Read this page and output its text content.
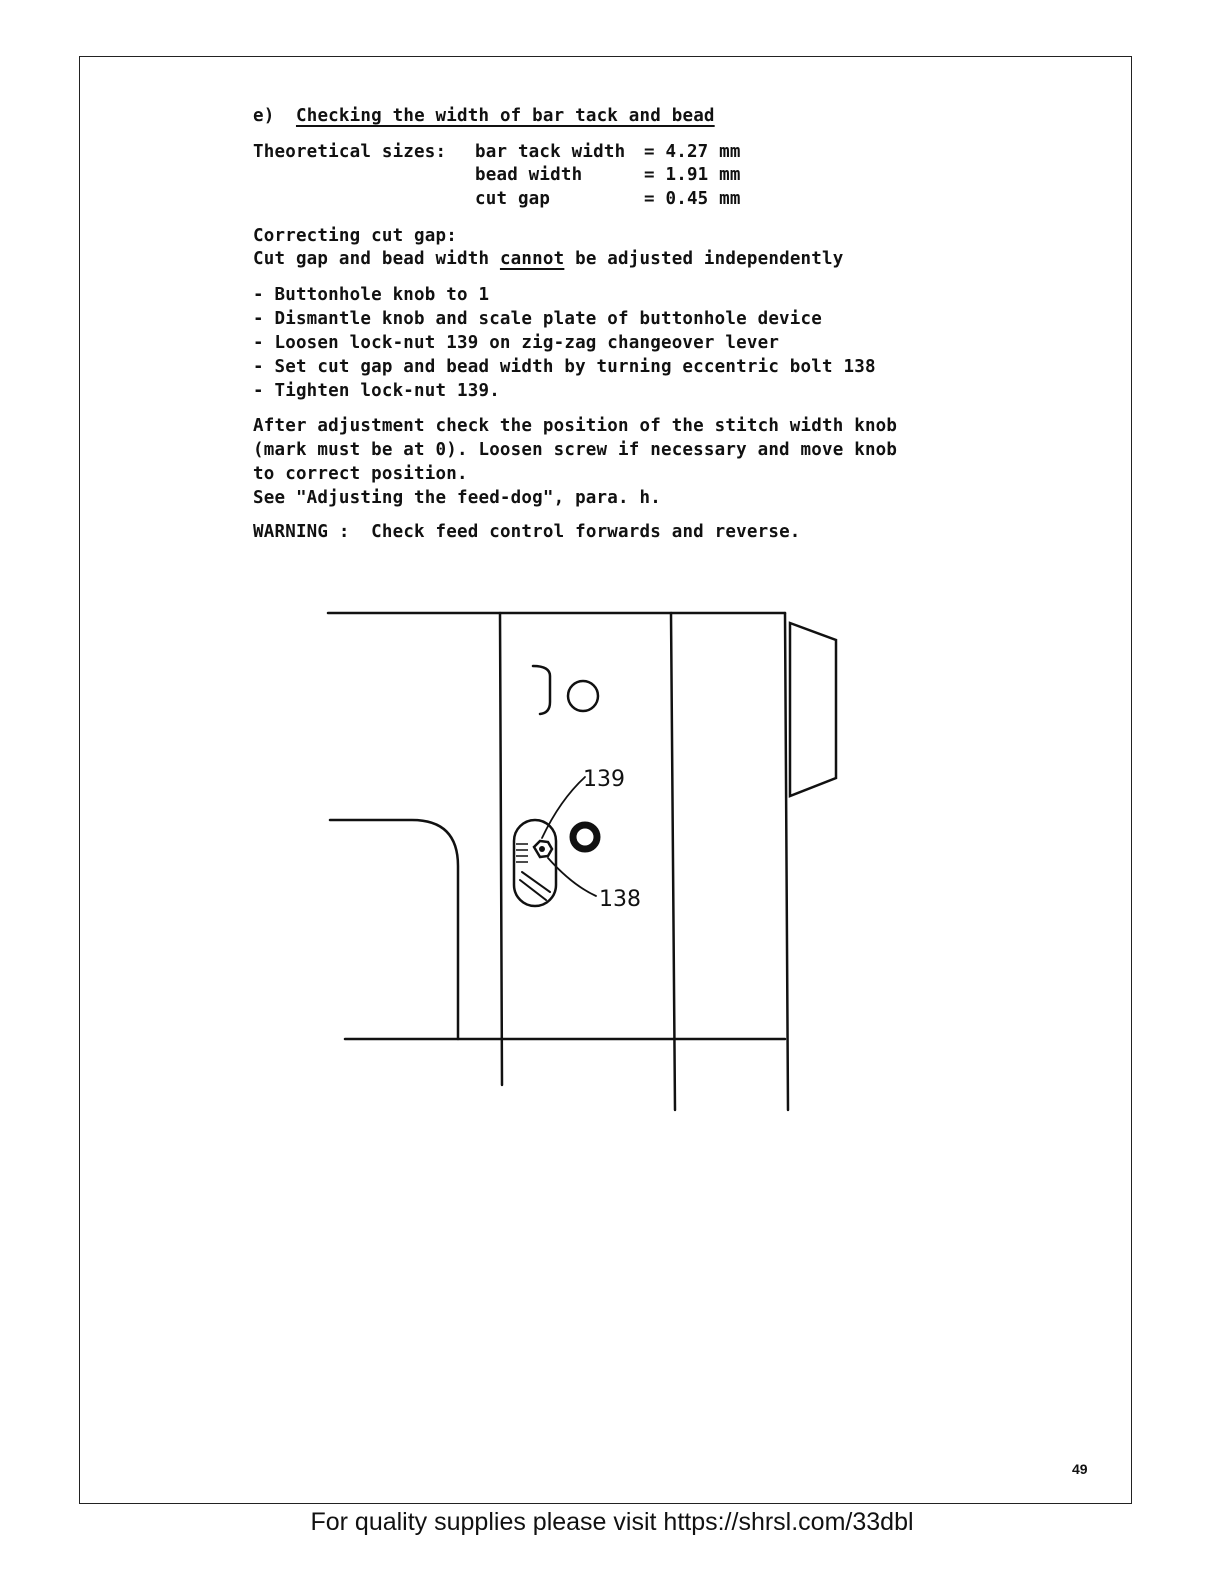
e) Checking the width of bar tack and bead
Theoretical sizes: bar tack width = 4.27 mm
bead width	= 1.91 mm
cut gap	= 0.45 mm
Correcting cut gap:
Cut gap and bead width cannot be adjusted independently
- Buttonhole knob to 1
- Dismantle knob and scale plate of buttonhole device
- Loosen lock-nut 139 on zig-zag changeover lever
- Set cut gap and bead width by turning eccentric bolt 138
- Tighten lock-nut 139.
After adjustment check the position of the stitch width knob
(mark must be at 0). Loosen screw if necessary and move knob
to correct position.
See "Adjusting the feed-dog", para. h.
WARNING : Check feed control forwards and reverse.
139
138
49
For quality supplies please visit https://shrsl.com/33dbl
